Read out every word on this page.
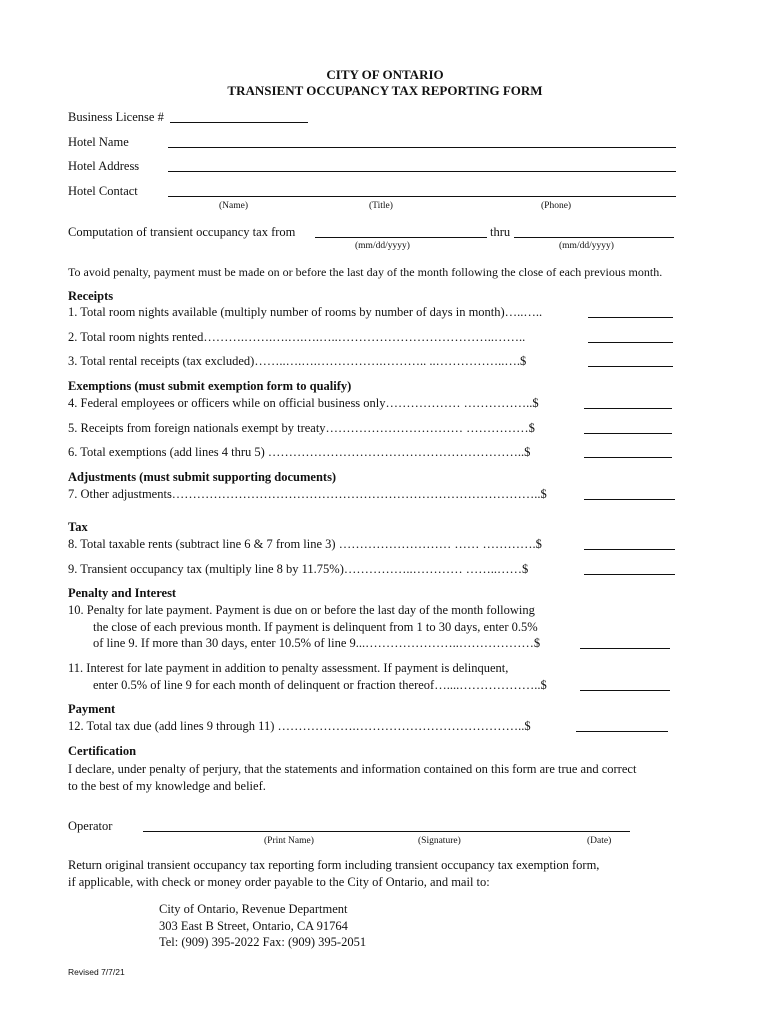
CITY OF ONTARIO
TRANSIENT OCCUPANCY TAX REPORTING FORM
Business License #
Hotel Name
Hotel Address
Hotel Contact
(Name)	(Title)	(Phone)
Computation of transient occupancy tax from	thru
(mm/dd/yyyy)	(mm/dd/yyyy)
To avoid penalty, payment must be made on or before the last day of the month following the close of each previous month.
Receipts
1. Total room nights available (multiply number of rooms by number of days in month)…..…..
2. Total room nights rented……….…….….….….…..………………………………..……..
3. Total rental receipts (tax excluded)……..….….…………….……….. ..……………..….$
Exemptions (must submit exemption form to qualify)
4. Federal employees or officers while on official business only……………… ……………..$
5. Receipts from foreign nationals exempt by treaty…………………………… ……………$
6. Total exemptions (add lines 4 thru 5) ……………………………………………………..$
Adjustments (must submit supporting documents)
7. Other adjustments……………………………………………………………………………..$
Tax
8. Total taxable rents (subtract line 6 & 7 from line 3) ……………………… …… ………….$
9. Transient occupancy tax (multiply line 8 by 11.75%)……………..………… ……..……$
Penalty and Interest
10. Penalty for late payment. Payment is due on or before the last day of the month following
the close of each previous month. If payment is delinquent from 1 to 30 days, enter 0.5%
of line 9. If more than 30 days, enter 10.5% of line 9...…………………..………………$
11. Interest for late payment in addition to penalty assessment. If payment is delinquent,
enter 0.5% of line 9 for each month of delinquent or fraction thereof…....………………..$
Payment
12. Total tax due (add lines 9 through 11) ……………….…………………………………..$
Certification
I declare, under penalty of perjury, that the statements and information contained on this form are true and correct
to the best of my knowledge and belief.
Operator
(Print Name)	(Signature)	(Date)
Return original transient occupancy tax reporting form including transient occupancy tax exemption form,
if applicable, with check or money order payable to the City of Ontario, and mail to:
City of Ontario, Revenue Department
303 East B Street, Ontario, CA 91764
Tel: (909) 395-2022 Fax: (909) 395-2051
Revised 7/7/21
